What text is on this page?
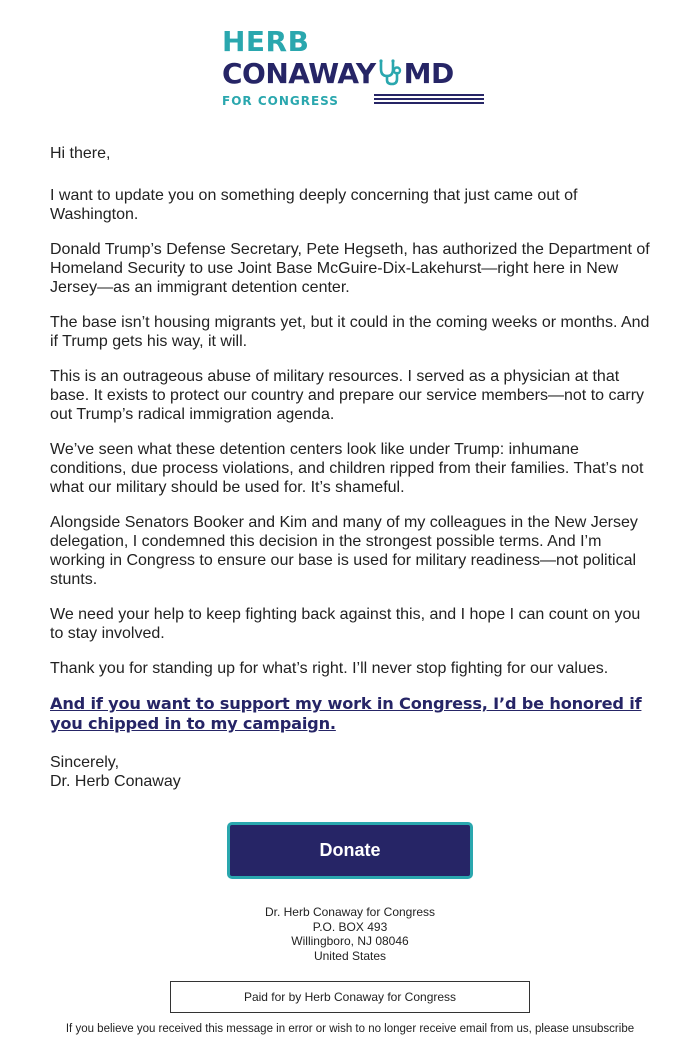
HERB
CONAWAY MD
FOR CONGRESS

Hi there,

I want to update you on something deeply concerning that just came out of Washington.

Donald Trump’s Defense Secretary, Pete Hegseth, has authorized the Department of Homeland Security to use Joint Base McGuire-Dix-Lakehurst—right here in New Jersey—as an immigrant detention center.

The base isn’t housing migrants yet, but it could in the coming weeks or months. And if Trump gets his way, it will.

This is an outrageous abuse of military resources. I served as a physician at that base. It exists to protect our country and prepare our service members—not to carry out Trump’s radical immigration agenda.

We’ve seen what these detention centers look like under Trump: inhumane conditions, due process violations, and children ripped from their families. That’s not what our military should be used for. It’s shameful.

Alongside Senators Booker and Kim and many of my colleagues in the New Jersey delegation, I condemned this decision in the strongest possible terms. And I’m working in Congress to ensure our base is used for military readiness—not political stunts.

We need your help to keep fighting back against this, and I hope I can count on you to stay involved.

Thank you for standing up for what’s right. I’ll never stop fighting for our values.

And if you want to support my work in Congress, I’d be honored if you chipped in to my campaign.

Sincerely,

Dr. Herb Conaway

Donate
Dr. Herb Conaway for Congress
P.O. BOX 493
Willingboro, NJ 08046
United States
Paid for by Herb Conaway for Congress
If you believe you received this message in error or wish to no longer receive email from us, please unsubscribe
